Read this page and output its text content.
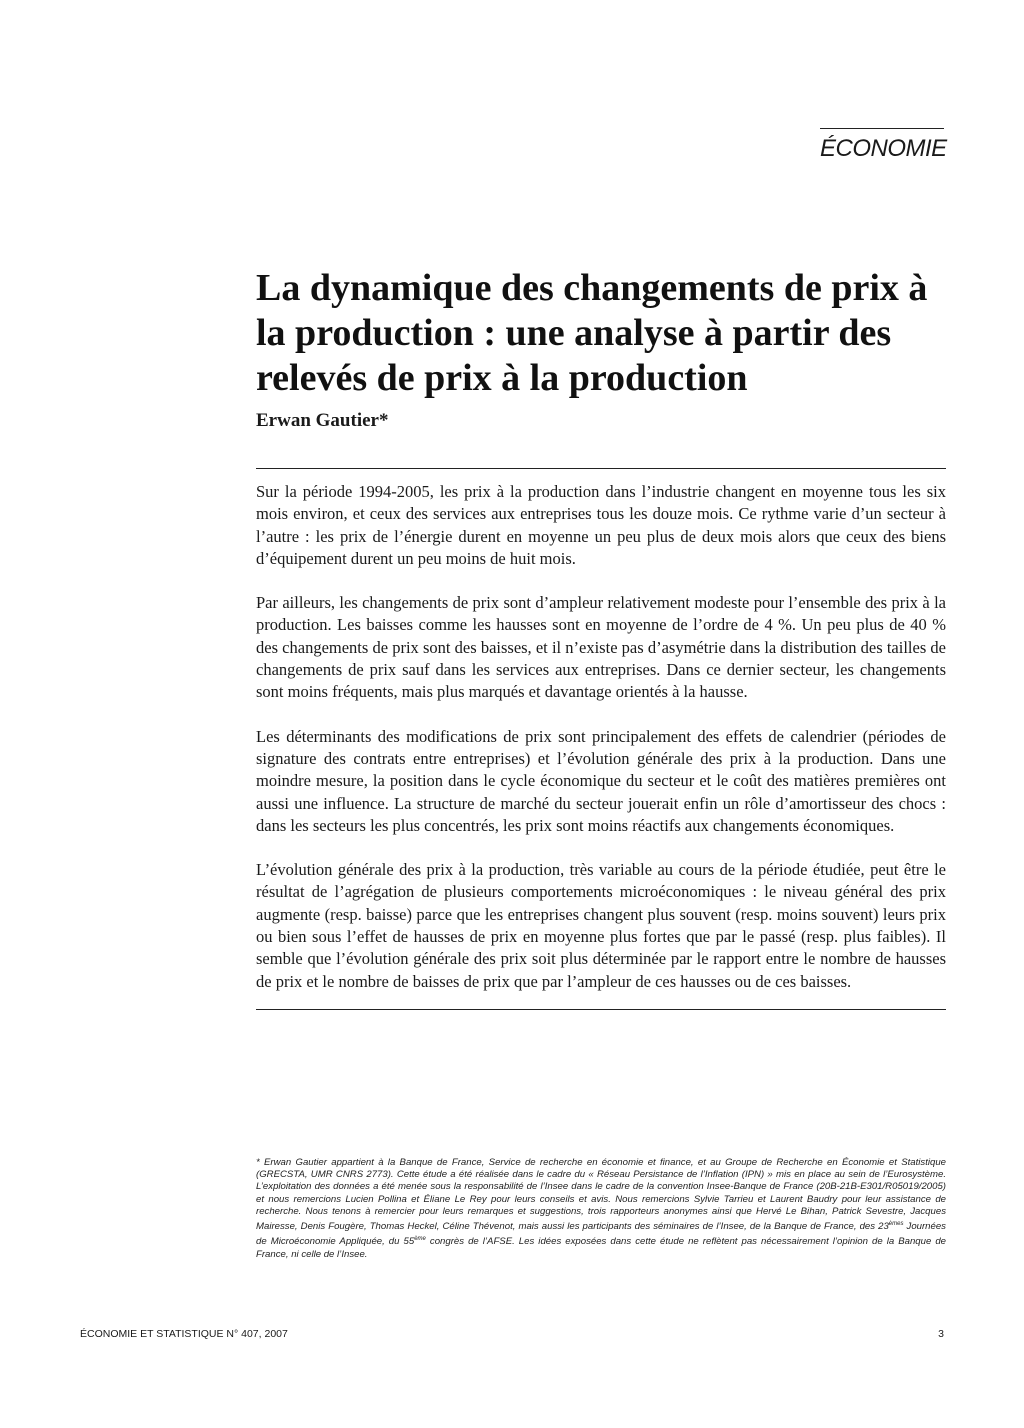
ÉCONOMIE
La dynamique des changements de prix à la production : une analyse à partir des relevés de prix à la production
Erwan Gautier*

Sur la période 1994-2005, les prix à la production dans l’industrie changent en moyenne tous les six mois environ, et ceux des services aux entreprises tous les douze mois. Ce rythme varie d’un secteur à l’autre : les prix de l’énergie durent en moyenne un peu plus de deux mois alors que ceux des biens d’équipement durent un peu moins de huit mois.

Par ailleurs, les changements de prix sont d’ampleur relativement modeste pour l’ensemble des prix à la production. Les baisses comme les hausses sont en moyenne de l’ordre de 4 %. Un peu plus de 40 % des changements de prix sont des baisses, et il n’existe pas d’asymétrie dans la distribution des tailles de changements de prix sauf dans les services aux entreprises. Dans ce dernier secteur, les changements sont moins fréquents, mais plus marqués et davantage orientés à la hausse.

Les déterminants des modifications de prix sont principalement des effets de calendrier (périodes de signature des contrats entre entreprises) et l’évolution générale des prix à la production. Dans une moindre mesure, la position dans le cycle économique du secteur et le coût des matières premières ont aussi une influence. La structure de marché du secteur jouerait enfin un rôle d’amortisseur des chocs : dans les secteurs les plus concentrés, les prix sont moins réactifs aux changements économiques.

L’évolution générale des prix à la production, très variable au cours de la période étudiée, peut être le résultat de l’agrégation de plusieurs comportements microéconomiques : le niveau général des prix augmente (resp. baisse) parce que les entreprises changent plus souvent (resp. moins souvent) leurs prix ou bien sous l’effet de hausses de prix en moyenne plus fortes que par le passé (resp. plus faibles). Il semble que l’évolution générale des prix soit plus déterminée par le rapport entre le nombre de hausses de prix et le nombre de baisses de prix que par l’ampleur de ces hausses ou de ces baisses.

* Erwan Gautier appartient à la Banque de France, Service de recherche en économie et finance, et au Groupe de Recherche en Économie et Statistique (GRECSTA, UMR CNRS 2773). Cette étude a été réalisée dans le cadre du « Réseau Persistance de l’Inflation (IPN) » mis en place au sein de l’Eurosystème. L’exploitation des données a été menée sous la responsabilité de l’Insee dans le cadre de la convention Insee-Banque de France (20B-21B-E301/R05019/2005) et nous remercions Lucien Pollina et Éliane Le Rey pour leurs conseils et avis. Nous remercions Sylvie Tarrieu et Laurent Baudry pour leur assistance de recherche. Nous tenons à remercier pour leurs remarques et suggestions, trois rapporteurs anonymes ainsi que Hervé Le Bihan, Patrick Sevestre, Jacques Mairesse, Denis Fougère, Thomas Heckel, Céline Thévenot, mais aussi les participants des séminaires de l’Insee, de la Banque de France, des 23èmes Journées de Microéconomie Appliquée, du 55ème congrès de l’AFSE. Les idées exposées dans cette étude ne reflètent pas nécessairement l’opinion de la Banque de France, ni celle de l’Insee.

ÉCONOMIE ET STATISTIQUE N° 407, 2007	3
